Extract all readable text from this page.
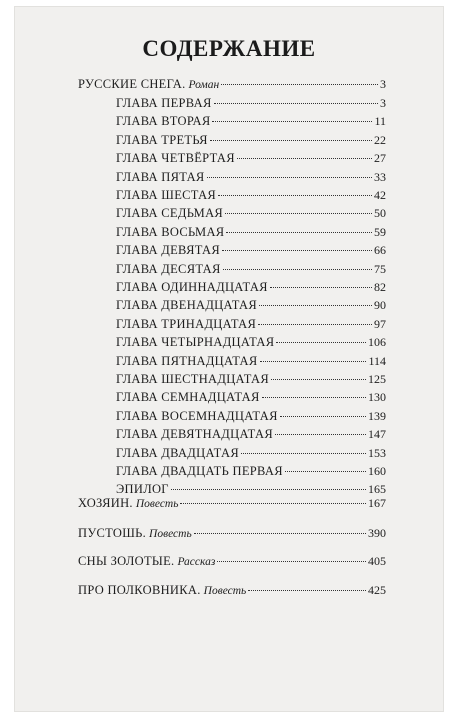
СОДЕРЖАНИЕ
РУССКИЕ СНЕГА. Роман	3
ГЛАВА ПЕРВАЯ	3
ГЛАВА ВТОРАЯ	11
ГЛАВА ТРЕТЬЯ	22
ГЛАВА ЧЕТВЁРТАЯ	27
ГЛАВА ПЯТАЯ	33
ГЛАВА ШЕСТАЯ	42
ГЛАВА СЕДЬМАЯ	50
ГЛАВА ВОСЬМАЯ	59
ГЛАВА ДЕВЯТАЯ	66
ГЛАВА ДЕСЯТАЯ	75
ГЛАВА ОДИННАДЦАТАЯ	82
ГЛАВА ДВЕНАДЦАТАЯ	90
ГЛАВА ТРИНАДЦАТАЯ	97
ГЛАВА ЧЕТЫРНАДЦАТАЯ	106
ГЛАВА ПЯТНАДЦАТАЯ	114
ГЛАВА ШЕСТНАДЦАТАЯ	125
ГЛАВА СЕМНАДЦАТАЯ	130
ГЛАВА ВОСЕМНАДЦАТАЯ	139
ГЛАВА ДЕВЯТНАДЦАТАЯ	147
ГЛАВА ДВАДЦАТАЯ	153
ГЛАВА ДВАДЦАТЬ ПЕРВАЯ	160
ЭПИЛОГ	165
ХОЗЯИН. Повесть	167
ПУСТОШЬ. Повесть	390
СНЫ ЗОЛОТЫЕ. Рассказ	405
ПРО ПОЛКОВНИКА. Повесть	425
